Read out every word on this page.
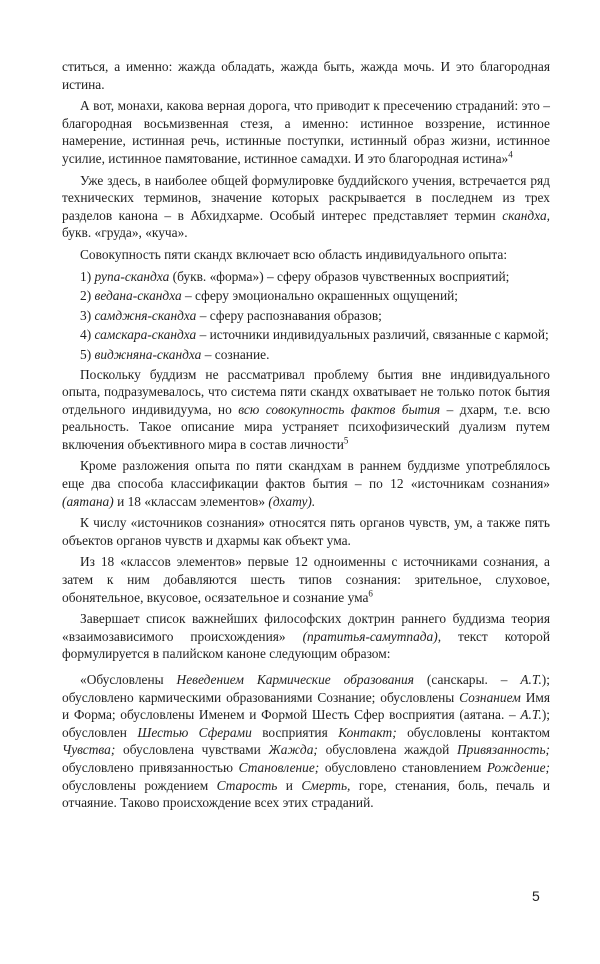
ститься, а именно: жажда обладать, жажда быть, жажда мочь. И это благородная истина.

А вот, монахи, какова верная дорога, что приводит к пресечению страданий: это – благородная восьмизвенная стезя, а именно: истинное воззрение, истинное намерение, истинная речь, истинные поступки, истинный образ жизни, истинное усилие, истинное памятование, истинное самадхи. И это благородная истина»$^4$

Уже здесь, в наиболее общей формулировке буддийского учения, встречается ряд технических терминов, значение которых раскрывается в последнем из трех разделов канона – в Абхидхарме. Особый интерес представляет термин скандха, букв. «груда», «куча».

Совокупность пяти скандх включает всю область индивидуального опыта:

1) рупа-скандха (букв. «форма») – сферу образов чувственных восприятий;

2) ведана-скандха – сферу эмоционально окрашенных ощущений;

3) самджня-скандха – сферу распознавания образов;

4) самскара-скандха – источники индивидуальных различий, связанные с кармой;

5) виджняна-скандха – сознание.

Поскольку буддизм не рассматривал проблему бытия вне индивидуального опыта, подразумевалось, что система пяти скандх охватывает не только поток бытия отдельного индивидуума, но всю совокупность фактов бытия – дхарм, т.е. всю реальность. Такое описание мира устраняет психофизический дуализм путем включения объективного мира в состав личности$^5$

Кроме разложения опыта по пяти скандхам в раннем буддизме употреблялось еще два способа классификации фактов бытия – по 12 «источникам сознания» (аятана) и 18 «классам элементов» (дхату).

К числу «источников сознания» относятся пять органов чувств, ум, а также пять объектов органов чувств и дхармы как объект ума.

Из 18 «классов элементов» первые 12 одноименны с источниками сознания, а затем к ним добавляются шесть типов сознания: зрительное, слуховое, обонятельное, вкусовое, осязательное и сознание ума$^6$

Завершает список важнейших философских доктрин раннего буддизма теория «взаимозависимого происхождения» (пратитья-самутпада), текст которой формулируется в палийском каноне следующим образом:

«Обусловлены Неведением Кармические образования (санскары. – А.Т.); обусловлено кармическими образованиями Сознание; обусловлены Сознанием Имя и Форма; обусловлены Именем и Формой Шесть Сфер восприятия (аятана. – А.Т.); обусловлен Шестью Сферами восприятия Контакт; обусловлены контактом Чувства; обусловлена чувствами Жажда; обусловлена жаждой Привязанность; обусловлено привязанностью Становление; обусловлено становлением Рождение; обусловлены рождением Старость и Смерть, горе, стенания, боль, печаль и отчаяние. Таково происхождение всех этих страданий.

5
